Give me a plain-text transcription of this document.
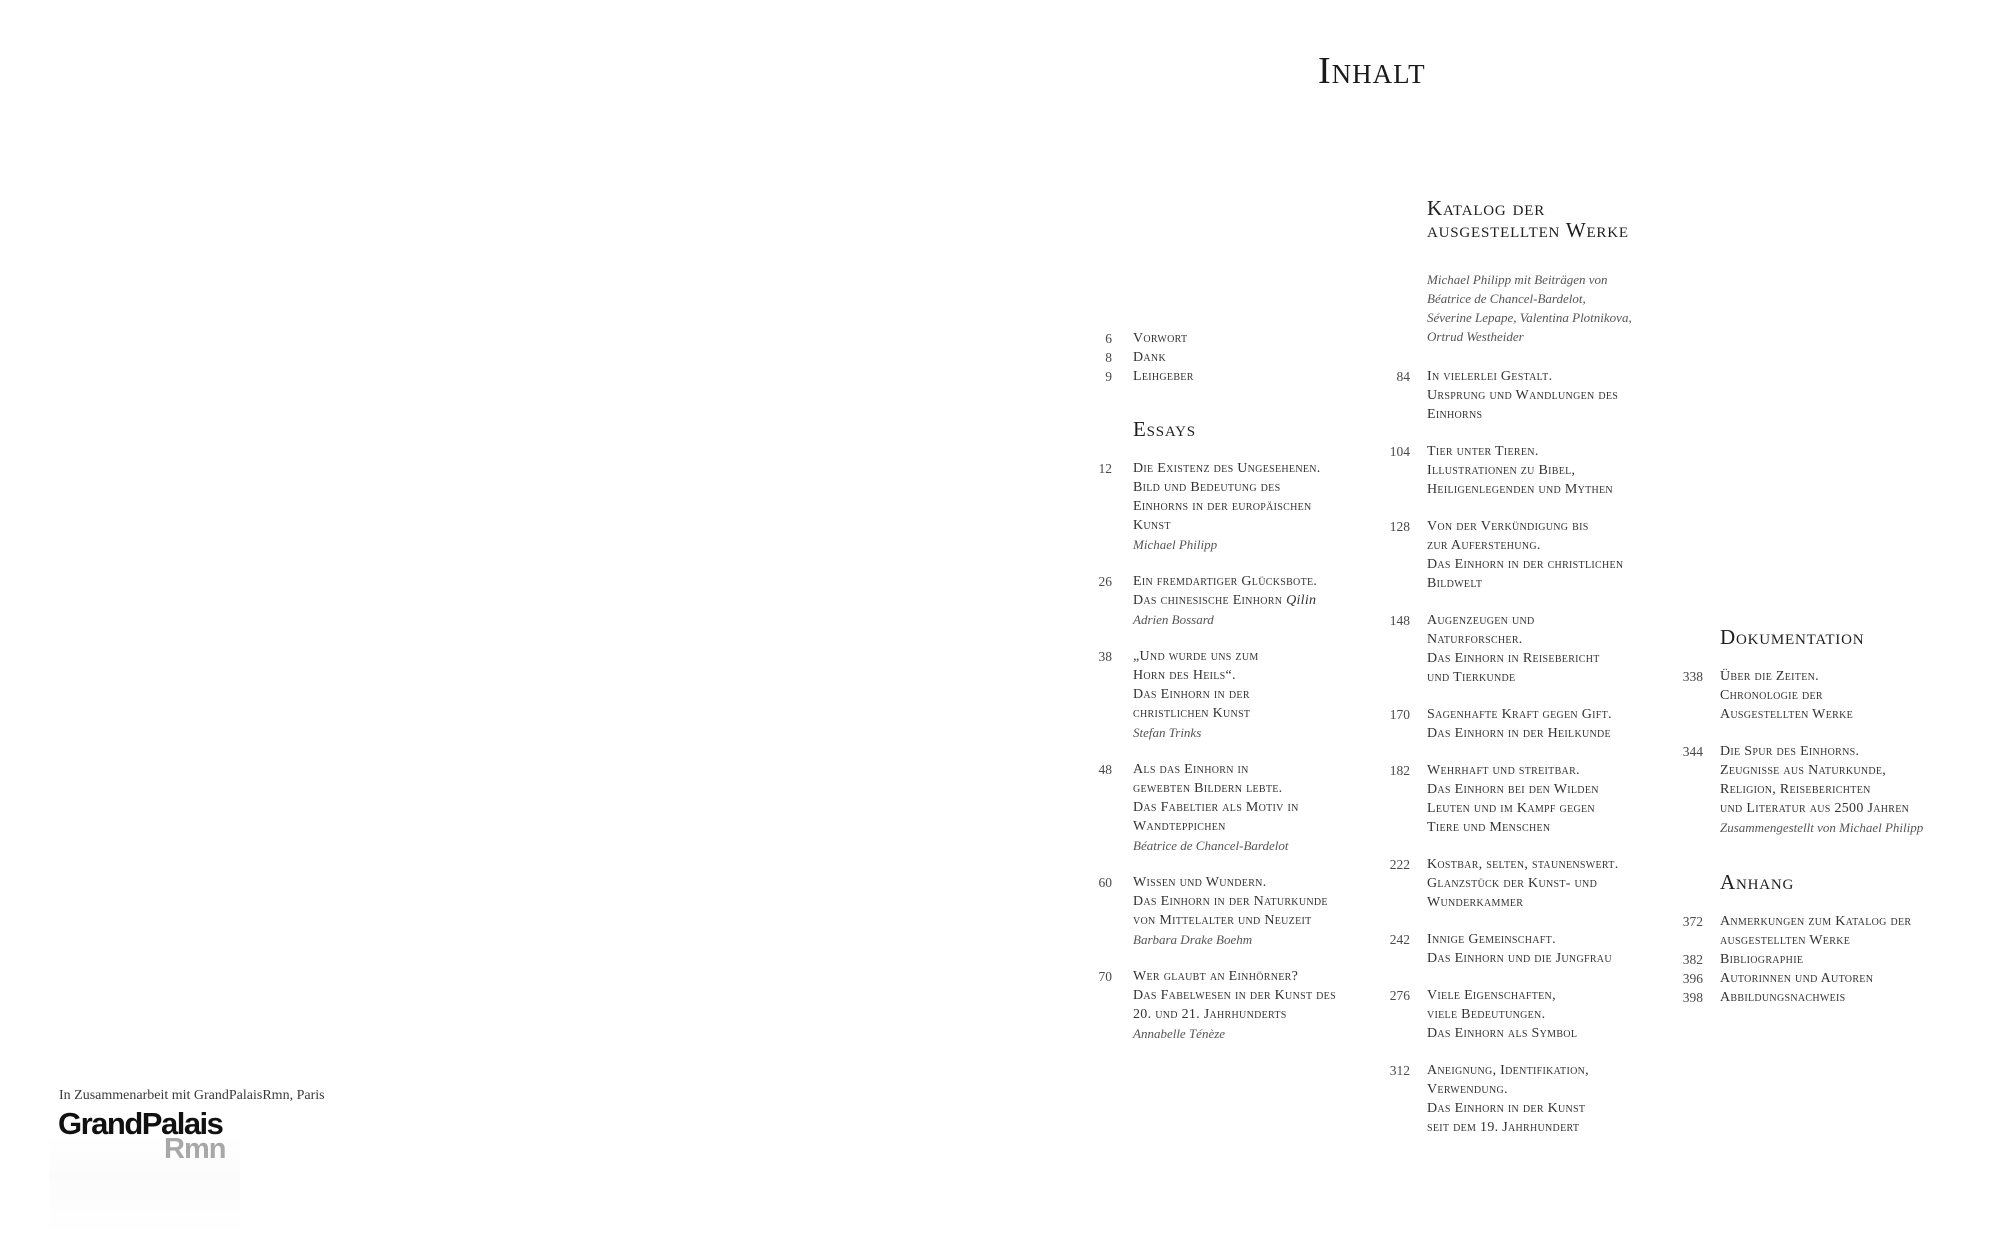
Inhalt
6 Vorwort
8 Dank
9 Leihgeber
Essays
12 Die Existenz des Ungesehenen.
Bild und Bedeutung des
Einhorns in der europäischen
Kunst
Michael Philipp
26 Ein fremdartiger Glücksbote.
Das chinesische Einhorn Qilin
Adrien Bossard
38 „Und wurde uns zum
Horn des Heils“.
Das Einhorn in der
christlichen Kunst
Stefan Trinks
48 Als das Einhorn in
gewebten Bildern lebte.
Das Fabeltier als Motiv in
Wandteppichen
Béatrice de Chancel-Bardelot
60 Wissen und Wundern.
Das Einhorn in der Naturkunde
von Mittelalter und Neuzeit
Barbara Drake Boehm
70 Wer glaubt an Einhörner?
Das Fabelwesen in der Kunst des
20. und 21. Jahrhunderts
Annabelle Ténèze
Katalog der
ausgestellten Werke
Michael Philipp mit Beiträgen von
Béatrice de Chancel-Bardelot,
Séverine Lepape, Valentina Plotnikova,
Ortrud Westheider
84 In vielerlei Gestalt.
Ursprung und Wandlungen des
Einhorns
104 Tier unter Tieren.
Illustrationen zu Bibel,
Heiligenlegenden und Mythen
128 Von der Verkündigung bis
zur Auferstehung.
Das Einhorn in der christlichen
Bildwelt
148 Augenzeugen und
Naturforscher.
Das Einhorn in Reisebericht
und Tierkunde
170 Sagenhafte Kraft gegen Gift.
Das Einhorn in der Heilkunde
182 Wehrhaft und streitbar.
Das Einhorn bei den Wilden
Leuten und im Kampf gegen
Tiere und Menschen
222 Kostbar, selten, staunenswert.
Glanzstück der Kunst- und
Wunderkammer
242 Innige Gemeinschaft.
Das Einhorn und die Jungfrau
276 Viele Eigenschaften,
viele Bedeutungen.
Das Einhorn als Symbol
312 Aneignung, Identifikation,
Verwendung.
Das Einhorn in der Kunst
seit dem 19. Jahrhundert
Dokumentation
338 Über die Zeiten.
Chronologie der
Ausgestellten Werke
344 Die Spur des Einhorns.
Zeugnisse aus Naturkunde,
Religion, Reiseberichten
und Literatur aus 2500 Jahren
Zusammengestellt von Michael Philipp
Anhang
372 Anmerkungen zum Katalog der
ausgestellten Werke
382 Bibliographie
396 Autorinnen und Autoren
398 Abbildungsnachweis
In Zusammenarbeit mit GrandPalaisRmn, Paris
GrandPalais
Rmn
